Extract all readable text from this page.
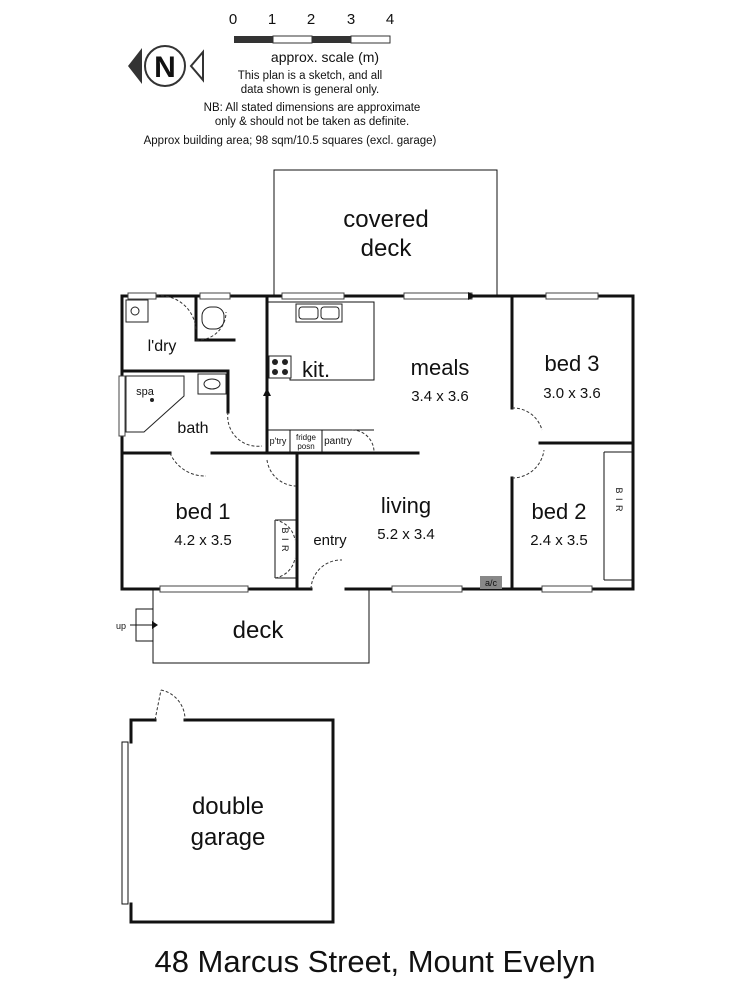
0 1 2 3 4
approx. scale (m)
N	This plan is a sketch, and all
data shown is general only.
NB: All stated dimensions are approximate
only & should not be taken as definite.
Approx building area; 98 sqm/10.5 squares (excl. garage)
covered
deck
l'dry
kit.	meals
3.4 x 3.6
bed 3
3.0 x 3.6
spa
bath
p'try fridge
posn pantry
bed 1
4.2 x 3.5	B I R entry
living
5.2 x 3.4
bed 2
2.4 x 3.5
B I R
a/c
up	deck
double
garage
48 Marcus Street, Mount Evelyn
